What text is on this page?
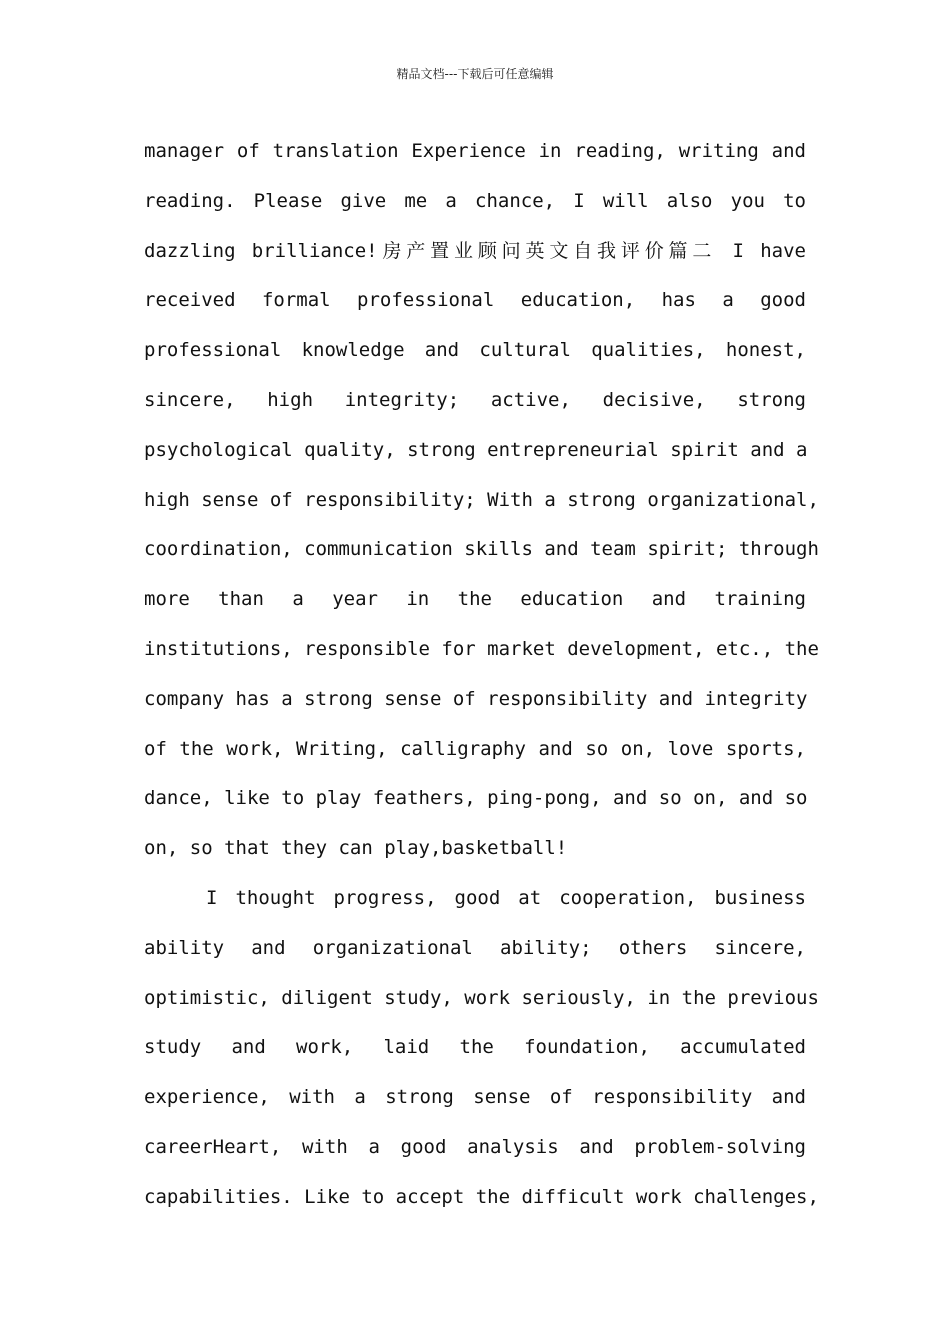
精品文档---下载后可任意编辑
manager of translation Experience in reading, writing and
reading. Please give me a chance, I will also you to
dazzling brilliance!房产置业顾问英文自我评价篇二 I have
received formal professional education, has a good
professional knowledge and cultural qualities, honest,
sincere, high integrity; active, decisive, strong
psychological quality, strong entrepreneurial spirit and a
high sense of responsibility; With a strong organizational,
coordination, communication skills and team spirit; through
more than a year in the education and training
institutions, responsible for market development, etc., the
company has a strong sense of responsibility and integrity
of the work, Writing, calligraphy and so on, love sports,
dance, like to play feathers, ping-pong, and so on, and so
on, so that they can play,basketball!
I thought progress, good at cooperation, business
ability and organizational ability; others sincere,
optimistic, diligent study, work seriously, in the previous
study and work, laid the foundation, accumulated
experience, with a strong sense of responsibility and
careerHeart, with a good analysis and problem-solving
capabilities. Like to accept the difficult work challenges,
